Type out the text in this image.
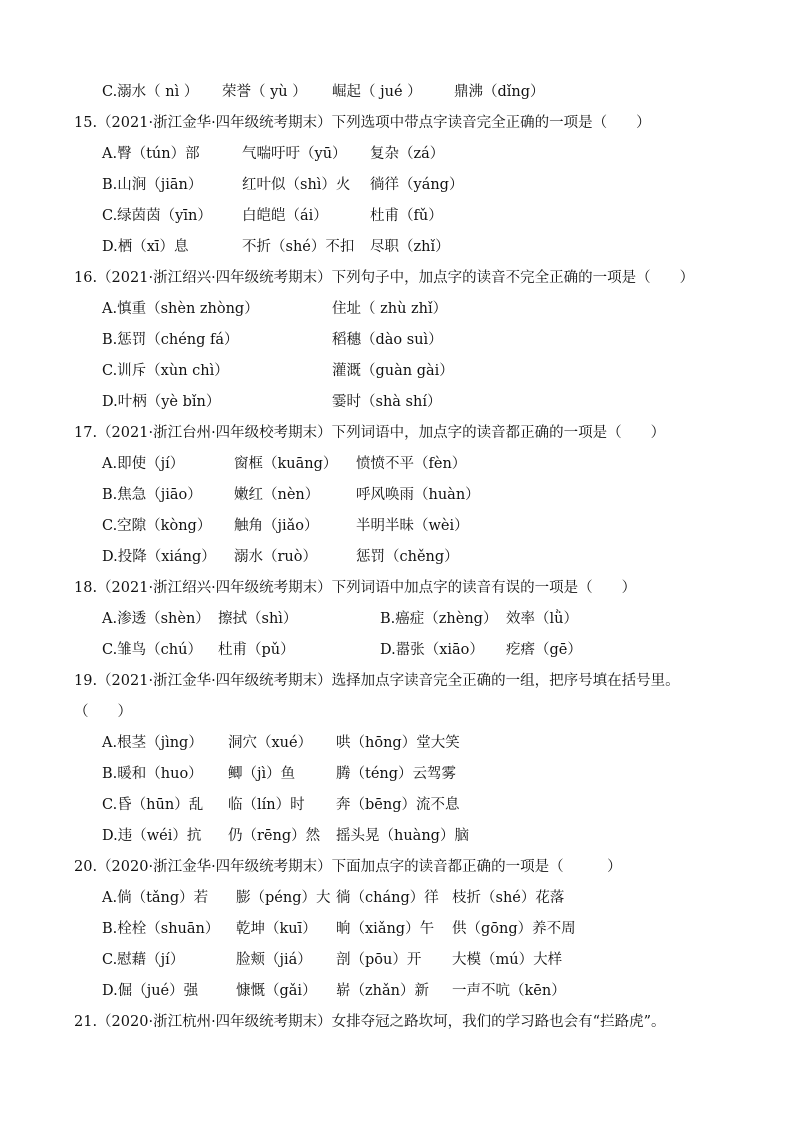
C.溺水（ nì ） 荣誉（ yù ） 崛起（ jué ） 鼎沸（dǐng）
15.（2021·浙江金华·四年级统考期末）下列选项中带点字读音完全正确的一项是（　　）
A.臀（tún）部	气喘吁吁（yū） 复杂（zá）
B.山涧（jiān）	红叶似（shì）火 徜徉（yáng）
C.绿茵茵（yīn） 白皑皑（ái）	杜甫（fǔ）
D.栖（xī）息	不折（shé）不扣 尽职（zhǐ）
16.（2021·浙江绍兴·四年级统考期末）下列句子中，加点字的读音不完全正确的一项是（　　）
A.慎重（shèn zhòng）	住址（ zhù zhǐ）
B.惩罚（chéng fá）	稻穗（dào suì）
C.训斥（xùn chì）	灌溉（guàn gài）
D.叶柄（yè bǐn）	霎时（shà shí）
17.（2021·浙江台州·四年级校考期末）下列词语中，加点字的读音都正确的一项是（　　）
A.即使（jí）	窗框（kuāng） 愤愤不平（fèn）
B.焦急（jiāo） 嫩红（nèn）	呼风唤雨（huàn）
C.空隙（kòng） 触角（jiǎo）	半明半昧（wèi）
D.投降（xiáng） 溺水（ruò）	惩罚（chěng）
18.（2021·浙江绍兴·四年级统考期末）下列词语中加点字的读音有误的一项是（　　）
A.渗透（shèn） 擦拭（shì）	B.癌症（zhèng） 效率（lǜ）
C.雏鸟（chú） 杜甫（pǔ）	D.嚣张（xiāo） 疙瘩（gē）
19.（2021·浙江金华·四年级统考期末）选择加点字读音完全正确的一组，把序号填在括号里。
（　　）
A.根茎（jìng） 洞穴（xué） 哄（hōng）堂大笑
B.暖和（huo） 鲫（jì）鱼	腾（téng）云驾雾
C.昏（hūn）乱 临（lín）时 奔（bēng）流不息
D.违（wéi）抗 仍（rēng）然 摇头晃（huàng）脑
20.（2020·浙江金华·四年级统考期末）下面加点字的读音都正确的一项是（　　　）
A.倘（tǎng）若 膨（péng）大 徜（cháng）徉 枝折（shé）花落
B.栓栓（shuān） 乾坤（kuī） 晌（xiǎng）午 供（gōng）养不周
C.慰藉（jí）	脸颊（jiá） 剖（pōu）开 大模（mú）大样
D.倔（jué）强	慷慨（gǎi） 崭（zhǎn）新 一声不吭（kēn）
21.（2020·浙江杭州·四年级统考期末）女排夺冠之路坎坷，我们的学习路也会有“拦路虎”。
